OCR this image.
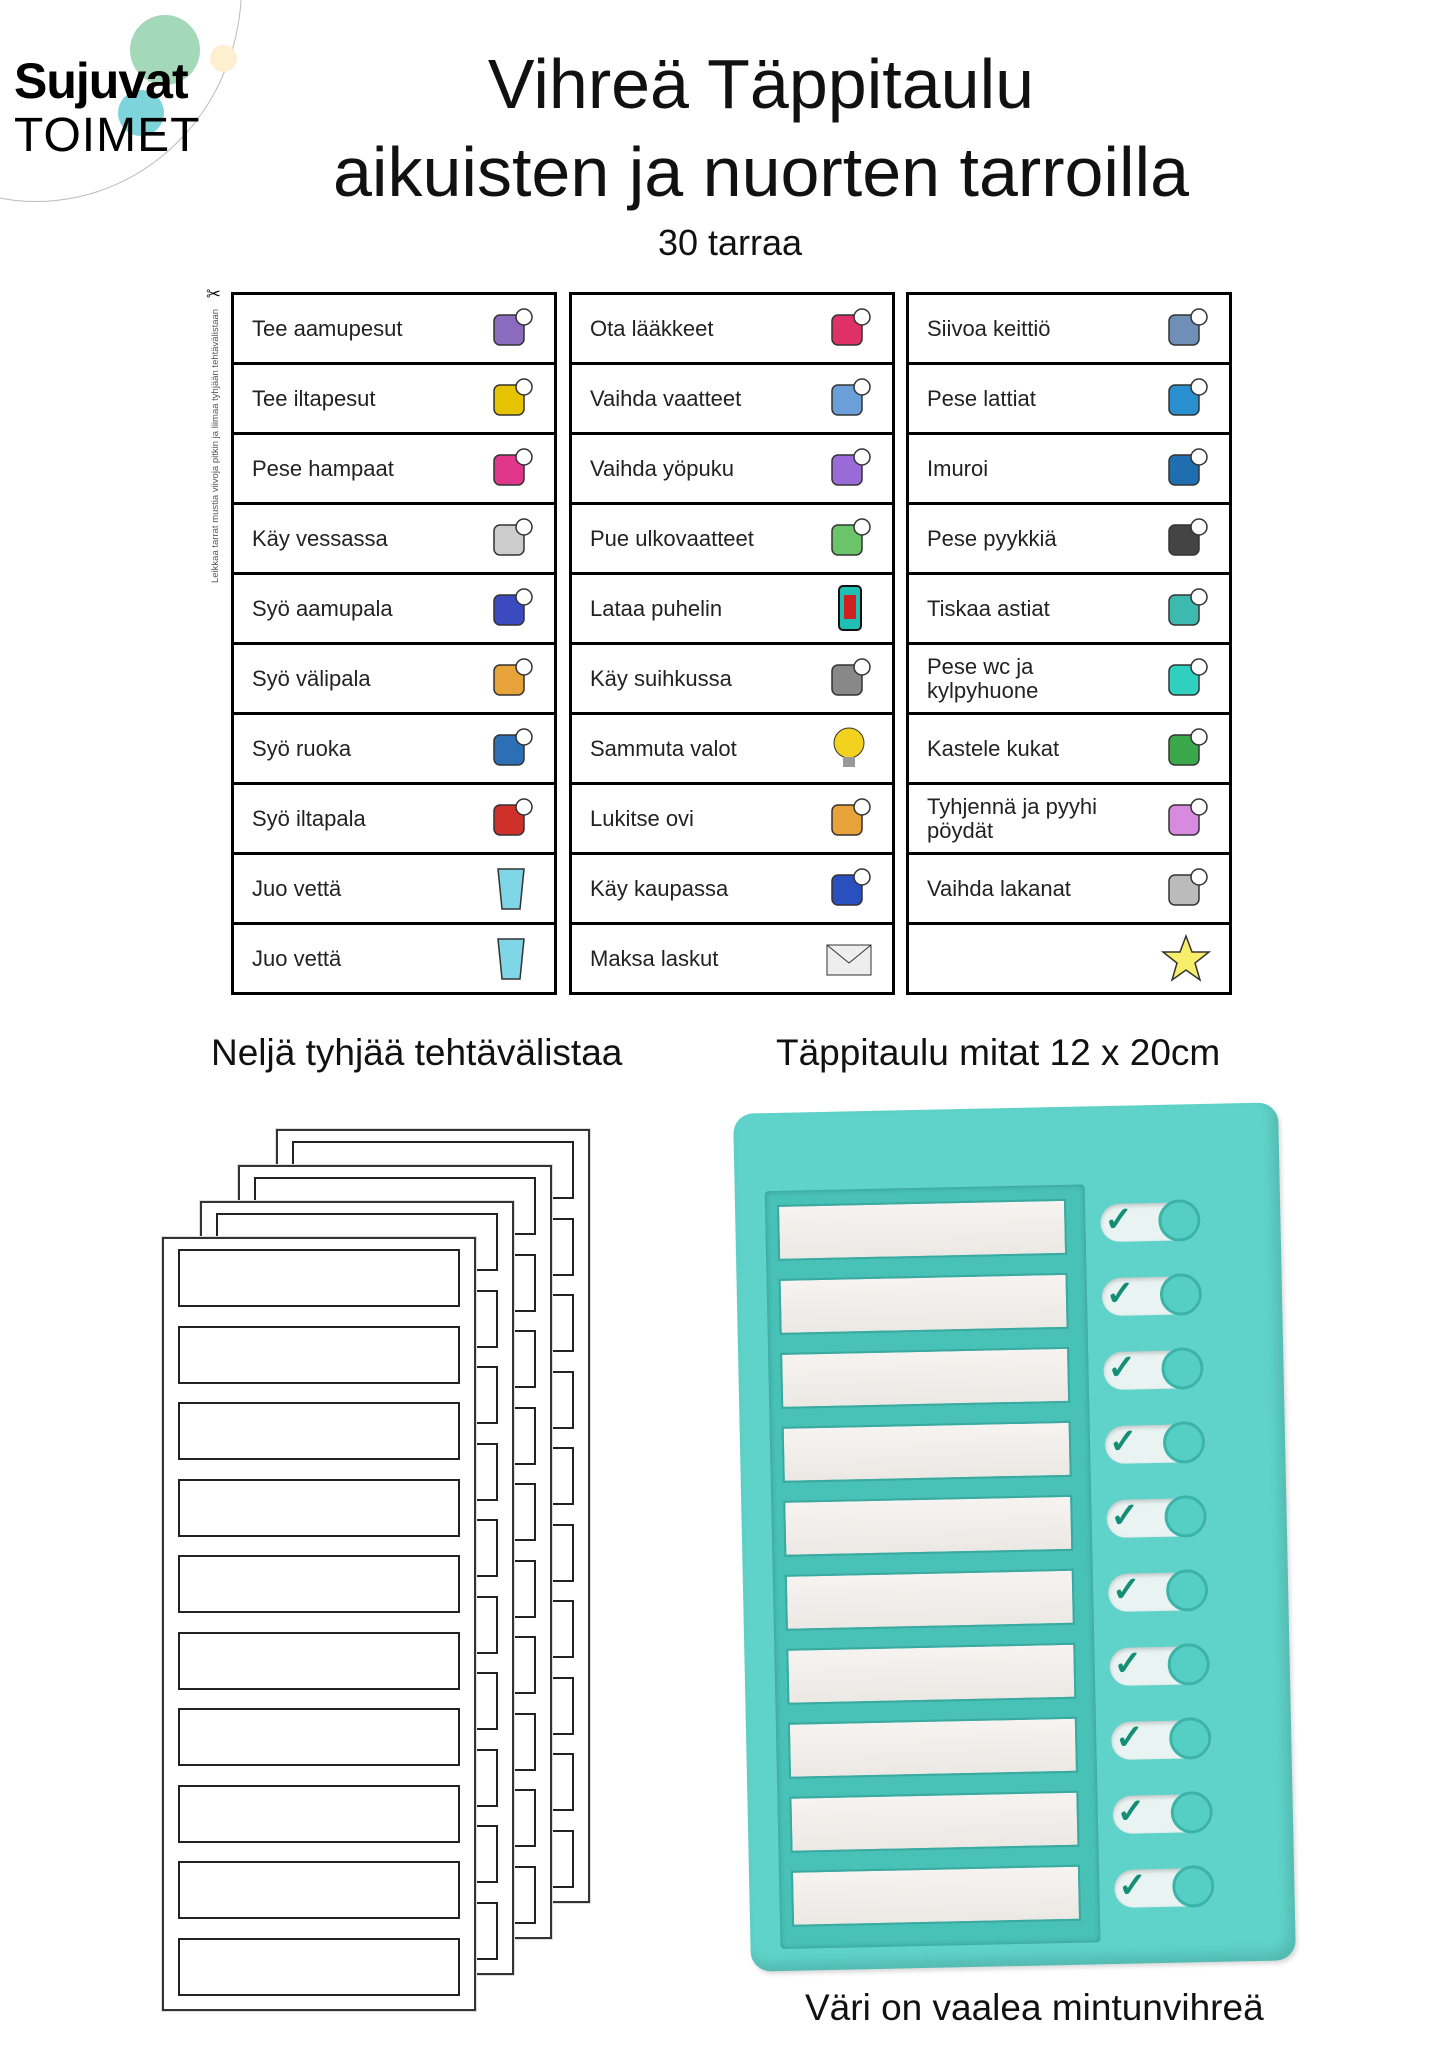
Sujuvat
TOIMET
Vihreä Täppitaulu
aikuisten ja nuorten tarroilla
30 tarraa
✂
Leikkaa tarrat mustia viivoja pitkin ja liimaa tyhjään tehtävälistaan Tee aamupesut
Tee iltapesut
Pese hampaat
Käy vessassa
Syö aamupala
Syö välipala
Syö ruoka
Syö iltapala
Juo vettä
Juo vettä
Ota lääkkeet
Vaihda vaatteet
Vaihda yöpuku
Pue ulkovaatteet
Lataa puhelin
Käy suihkussa
Sammuta valot
Lukitse ovi
Käy kaupassa
Maksa laskut
Siivoa keittiö
Pese lattiat
Imuroi
Pese pyykkiä
Tiskaa astiat
Pese wc ja kylpyhuone
Kastele kukat
Tyhjennä ja pyyhi pöydät
Vaihda lakanat
Neljä tyhjää tehtävälistaa	Täppitaulu mitat 12 x 20cm
✓
✓
✓
✓
✓
✓
✓
✓
✓
✓
Väri on vaalea mintunvihreä
